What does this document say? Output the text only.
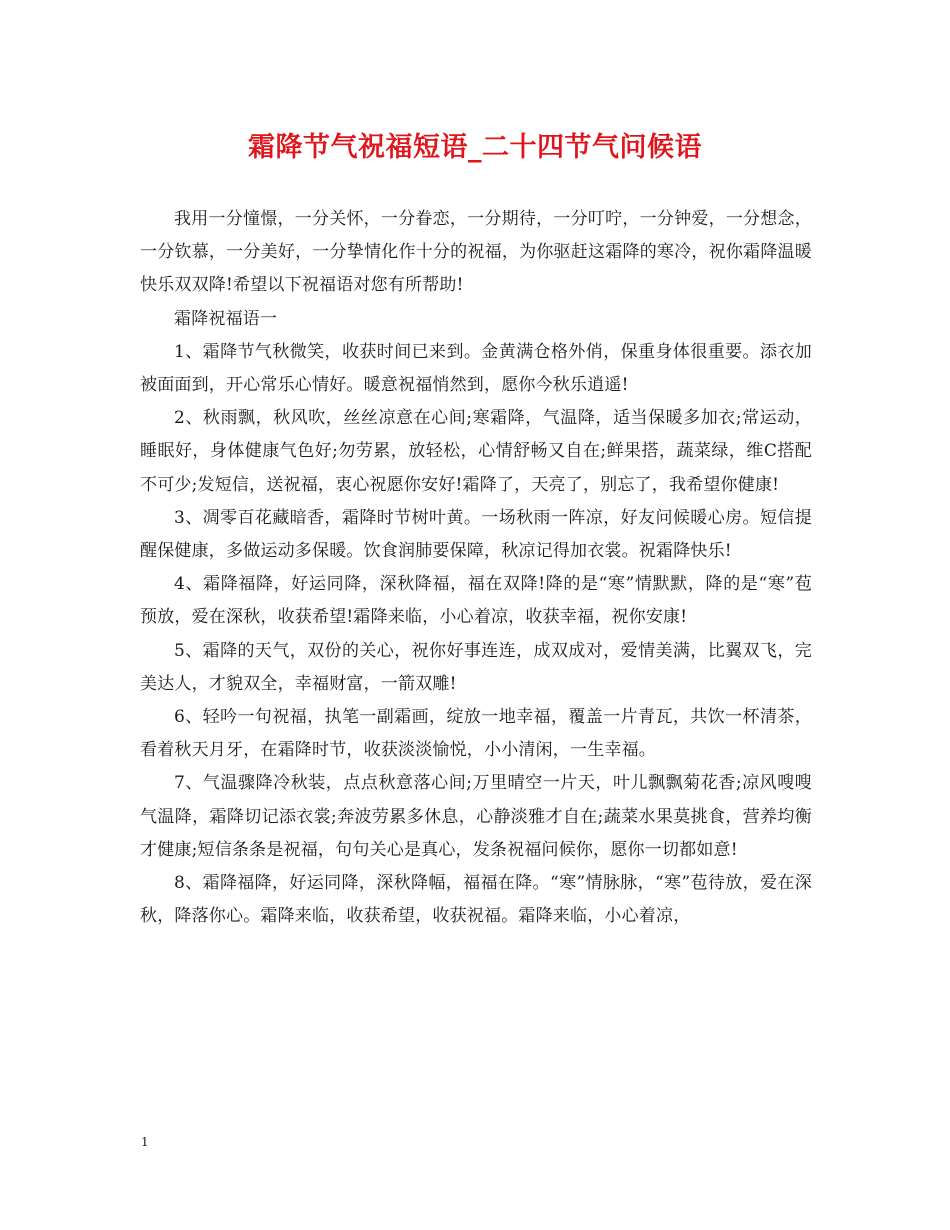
霜降节气祝福短语_二十四节气问候语

我用一分憧憬，一分关怀，一分眷恋，一分期待，一分叮咛，一分钟爱，一分想念，一分钦慕，一分美好，一分挚情化作十分的祝福，为你驱赶这霜降的寒冷，祝你霜降温暖快乐双双降!希望以下祝福语对您有所帮助!

霜降祝福语一

1、霜降节气秋微笑，收获时间已来到。金黄满仓格外俏，保重身体很重要。添衣加被面面到，开心常乐心情好。暖意祝福悄然到，愿你今秋乐逍遥!

2、秋雨飘，秋风吹，丝丝凉意在心间;寒霜降，气温降，适当保暖多加衣;常运动，睡眠好，身体健康气色好;勿劳累，放轻松，心情舒畅又自在;鲜果搭，蔬菜绿，维C搭配不可少;发短信，送祝福，衷心祝愿你安好!霜降了，天亮了，别忘了，我希望你健康!

3、凋零百花藏暗香，霜降时节树叶黄。一场秋雨一阵凉，好友问候暖心房。短信提醒保健康，多做运动多保暖。饮食润肺要保障，秋凉记得加衣裳。祝霜降快乐!

4、霜降福降，好运同降，深秋降福，福在双降!降的是“寒”情默默，降的是“寒”苞预放，爱在深秋，收获希望!霜降来临，小心着凉，收获幸福，祝你安康!

5、霜降的天气，双份的关心，祝你好事连连，成双成对，爱情美满，比翼双飞，完美达人，才貌双全，幸福财富，一箭双雕!

6、轻吟一句祝福，执笔一副霜画，绽放一地幸福，覆盖一片青瓦，共饮一杯清茶，看着秋天月牙，在霜降时节，收获淡淡愉悦，小小清闲，一生幸福。

7、气温骤降冷秋装，点点秋意落心间;万里晴空一片天，叶儿飘飘菊花香;凉风嗖嗖气温降，霜降切记添衣裳;奔波劳累多休息，心静淡雅才自在;蔬菜水果莫挑食，营养均衡才健康;短信条条是祝福，句句关心是真心，发条祝福问候你，愿你一切都如意!

8、霜降福降，好运同降，深秋降幅，福福在降。“寒”情脉脉，“寒”苞待放，爱在深秋，降落你心。霜降来临，收获希望，收获祝福。霜降来临，小心着凉，

1
